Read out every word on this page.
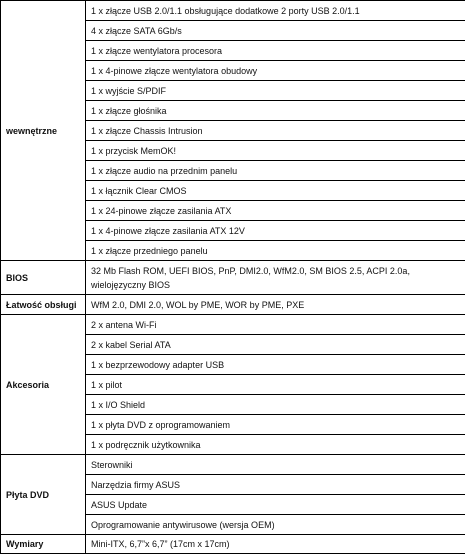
wewnętrzne	1 x złącze USB 2.0/1.1 obsługujące dodatkowe 2 porty USB 2.0/1.1
	4 x złącze SATA 6Gb/s
	1 x złącze wentylatora procesora
	1 x 4-pinowe złącze wentylatora obudowy
	1 x wyjście S/PDIF
	1 x złącze głośnika
	1 x złącze Chassis Intrusion
	1 x przycisk MemOK!
	1 x złącze audio na przednim panelu
	1 x łącznik Clear CMOS
	1 x 24-pinowe złącze zasilania ATX
	1 x 4-pinowe złącze zasilania ATX 12V
	1 x złącze przedniego panelu
BIOS	32 Mb Flash ROM, UEFI BIOS, PnP, DMI2.0, WfM2.0, SM BIOS 2.5, ACPI 2.0a, wielojęzyczny BIOS
Łatwość obsługi	WfM 2.0, DMI 2.0, WOL by PME, WOR by PME, PXE
Akcesoria	2 x antena Wi-Fi
	2 x kabel Serial ATA
	1 x bezprzewodowy adapter USB
	1 x pilot
	1 x I/O Shield
	1 x płyta DVD z oprogramowaniem
	1 x podręcznik użytkownika
Płyta DVD	Sterowniki
	Narzędzia firmy ASUS
	ASUS Update
	Oprogramowanie antywirusowe (wersja OEM)
Wymiary	Mini-ITX, 6,7”x 6,7” (17cm x 17cm)
